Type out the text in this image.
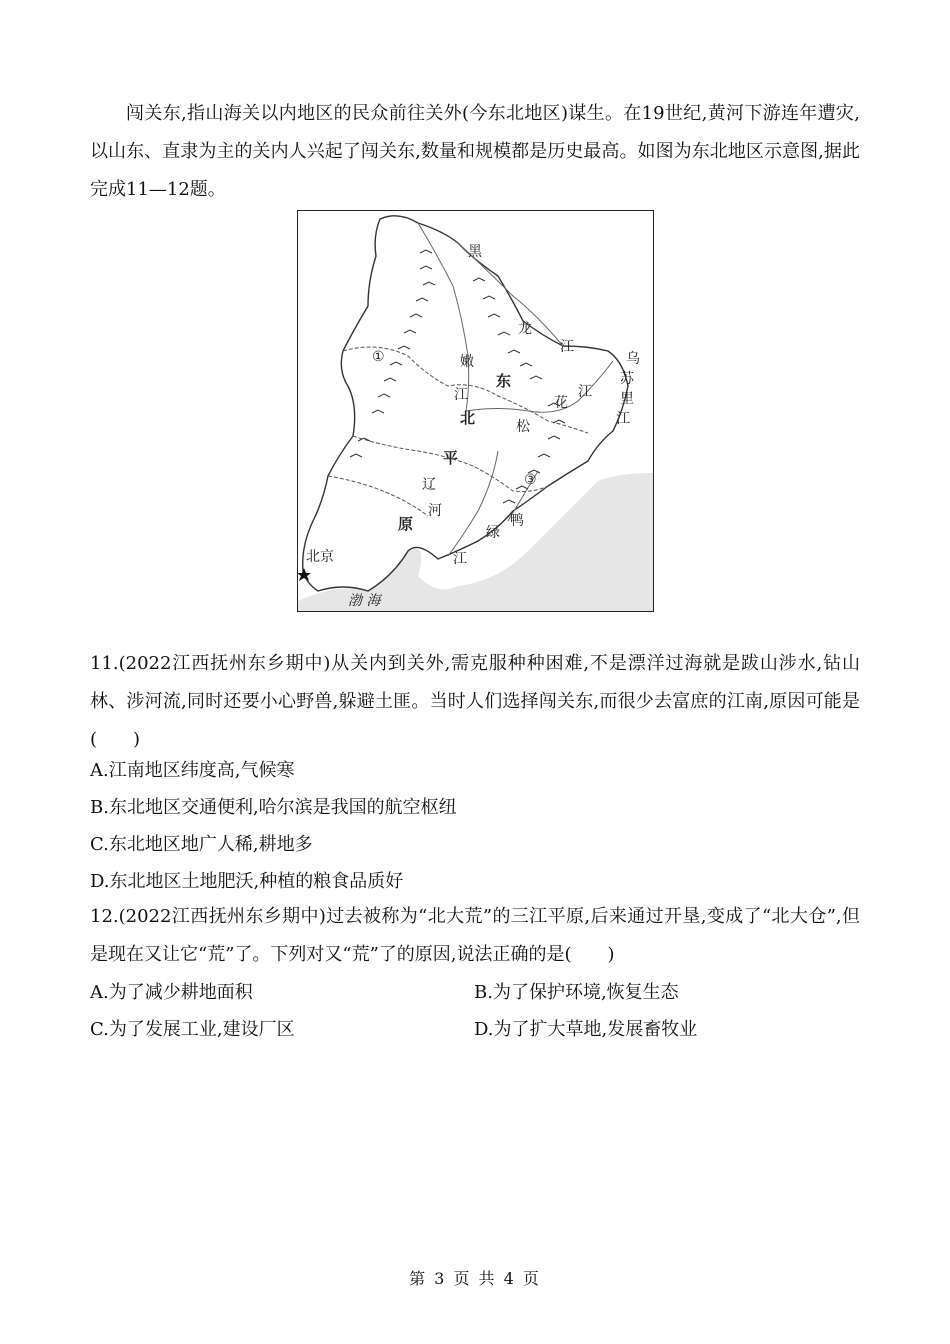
闯关东,指山海关以内地区的民众前往关外(今东北地区)谋生。在19世纪,黄河下游连年遭灾,以山东、直隶为主的关内人兴起了闯关东,数量和规模都是历史最高。如图为东北地区示意图,据此完成11—12题。

黑
龙
江
乌
苏
里
江
嫩
江
东
北
江
花
松
平
原
辽
河
鸭
绿
江
北京
渤 海
①
③

11.(2022江西抚州东乡期中)从关内到关外,需克服种种困难,不是漂洋过海就是跋山涉水,钻山林、涉河流,同时还要小心野兽,躲避土匪。当时人们选择闯关东,而很少去富庶的江南,原因可能是(　　)

A.江南地区纬度高,气候寒
B.东北地区交通便利,哈尔滨是我国的航空枢纽
C.东北地区地广人稀,耕地多
D.东北地区土地肥沃,种植的粮食品质好

12.(2022江西抚州东乡期中)过去被称为“北大荒”的三江平原,后来通过开垦,变成了“北大仓”,但是现在又让它“荒”了。下列对又“荒”了的原因,说法正确的是(　　)

A.为了减少耕地面积	B.为了保护环境,恢复生态
C.为了发展工业,建设厂区	D.为了扩大草地,发展畜牧业
第 3 页 共 4 页
